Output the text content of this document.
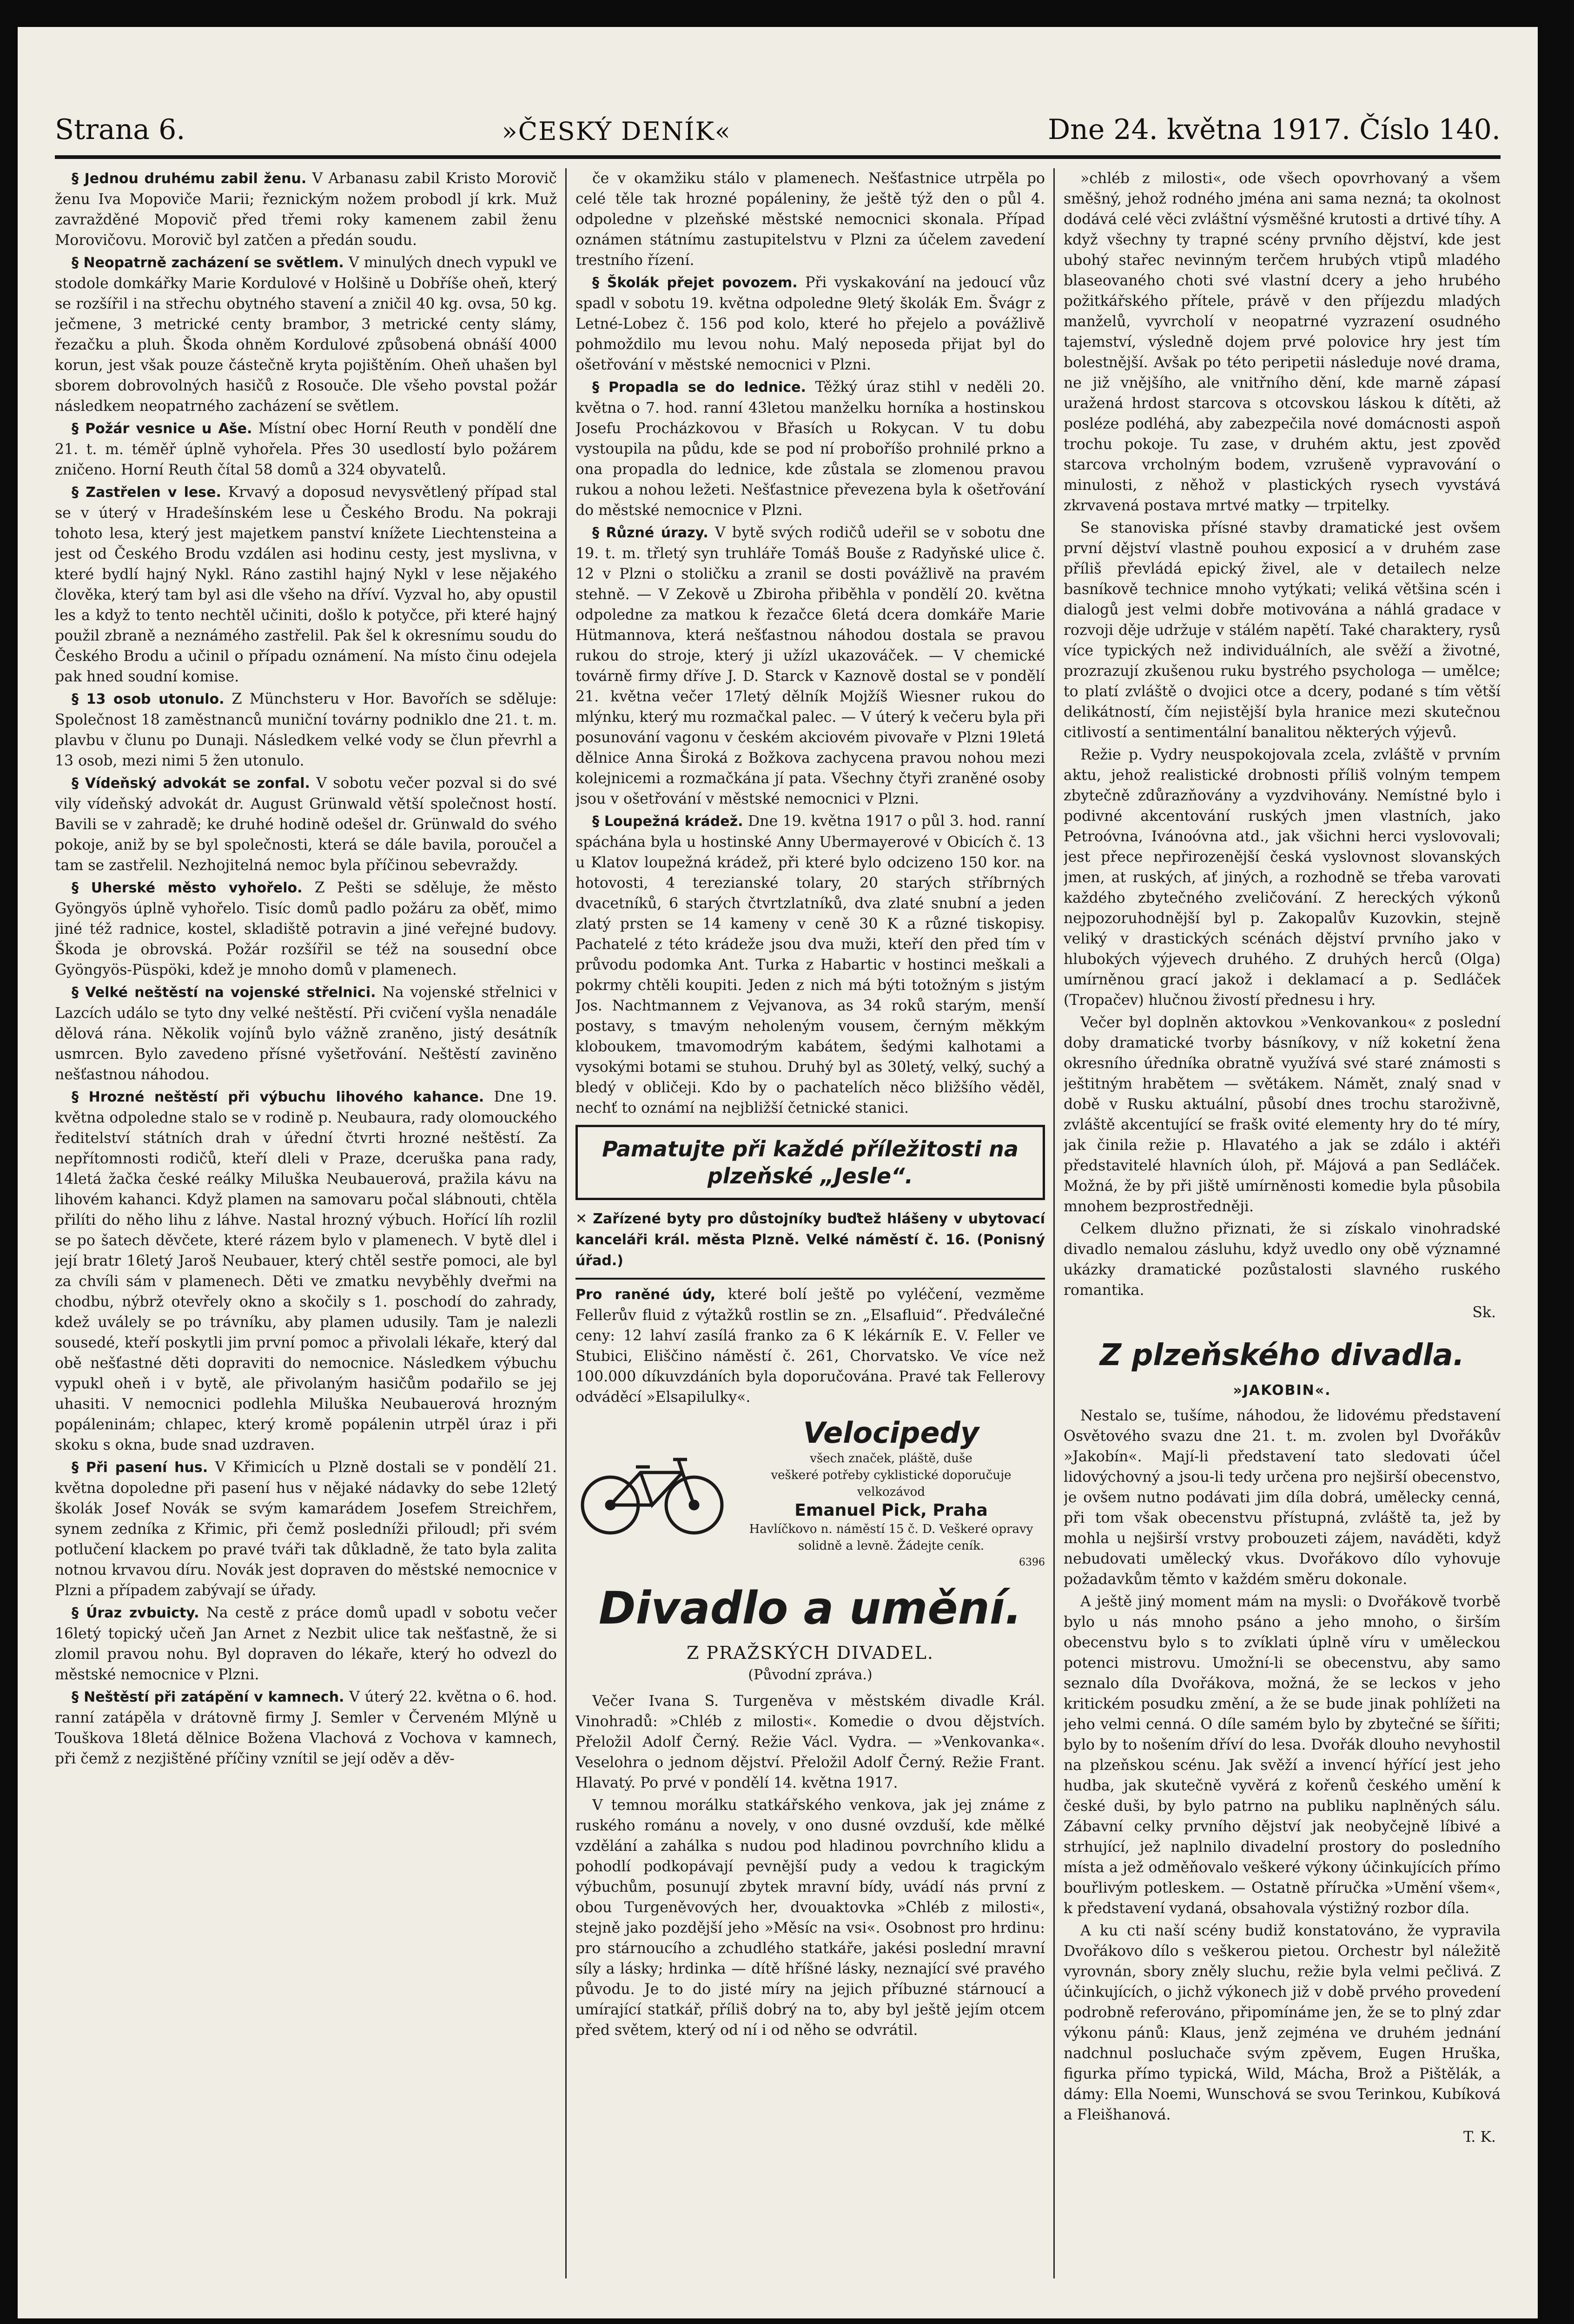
Strana 6.	»ČESKÝ DENÍK«	Dne 24. května 1917. Číslo 140.

§ Jednou druhému zabil ženu. V Arbanasu zabil Kristo Morovič ženu Iva Mopoviče Marii; řeznickým nožem probodl jí krk. Muž zavražděné Mopovič před třemi roky kamenem zabil ženu Morovičovu. Morovič byl zatčen a předán soudu.

§ Neopatrně zacházení se světlem. V minulých dnech vypukl ve stodole domkářky Marie Kordulové v Holšině u Dobříše oheň, který se rozšířil i na střechu obytného stavení a zničil 40 kg. ovsa, 50 kg. ječmene, 3 metrické centy brambor, 3 metrické centy slámy, řezačku a pluh. Škoda ohněm Kordulové způsobená obnáší 4000 korun, jest však pouze částečně kryta pojištěním. Oheň uhašen byl sborem dobrovolných hasičů z Rosouče. Dle všeho povstal požár následkem neopatrného zacházení se světlem.

§ Požár vesnice u Aše. Místní obec Horní Reuth v pondělí dne 21. t. m. téměř úplně vyhořela. Přes 30 usedlostí bylo požárem zničeno. Horní Reuth čítal 58 domů a 324 obyvatelů.

§ Zastřelen v lese. Krvavý a doposud nevysvětlený případ stal se v úterý v Hradešínském lese u Českého Brodu. Na pokraji tohoto lesa, který jest majetkem panství knížete Liechtensteina a jest od Českého Brodu vzdálen asi hodinu cesty, jest myslivna, v které bydlí hajný Nykl. Ráno zastihl hajný Nykl v lese nějakého člověka, který tam byl asi dle všeho na dříví. Vyzval ho, aby opustil les a když to tento nechtěl učiniti, došlo k potyčce, při které hajný použil zbraně a neznámého zastřelil. Pak šel k okresnímu soudu do Českého Brodu a učinil o případu oznámení. Na místo činu odejela pak hned soudní komise.

§ 13 osob utonulo. Z Münchsteru v Hor. Bavořích se sděluje: Společnost 18 zaměstnanců muniční továrny podniklo dne 21. t. m. plavbu v člunu po Dunaji. Následkem velké vody se člun převrhl a 13 osob, mezi nimi 5 žen utonulo.

§ Vídeňský advokát se zonfal. V sobotu večer pozval si do své vily vídeňský advokát dr. August Grünwald větší společnost hostí. Bavili se v zahradě; ke druhé hodině odešel dr. Grünwald do svého pokoje, aniž by se byl společnosti, která se dále bavila, poroučel a tam se zastřelil. Nezhojitelná nemoc byla příčinou sebevraždy.

§ Uherské město vyhořelo. Z Pešti se sděluje, že město Gyöngyös úplně vyhořelo. Tisíc domů padlo požáru za oběť, mimo jiné též radnice, kostel, skladiště potravin a jiné veřejné budovy. Škoda je obrovská. Požár rozšířil se též na sousední obce Gyöngyös-Püspöki, kdež je mnoho domů v plamenech.

§ Velké neštěstí na vojenské střelnici. Na vojenské střelnici v Lazcích událo se tyto dny velké neštěstí. Při cvičení vyšla nenadále dělová rána. Několik vojínů bylo vážně zraněno, jistý desátník usmrcen. Bylo zavedeno přísné vyšetřování. Neštěstí zaviněno nešťastnou náhodou.

§ Hrozné neštěstí při výbuchu lihového kahance. Dne 19. května odpoledne stalo se v rodině p. Neubaura, rady olomouckého ředitelství státních drah v úřední čtvrti hrozné neštěstí. Za nepřítomnosti rodičů, kteří dleli v Praze, dceruška pana rady, 14letá žačka české reálky Miluška Neubauerová, pražila kávu na lihovém kahanci. Když plamen na samovaru počal slábnouti, chtěla přilíti do něho lihu z láhve. Nastal hrozný výbuch. Hořící líh rozlil se po šatech děvčete, které rázem bylo v plamenech. V bytě dlel i její bratr 16letý Jaroš Neubauer, který chtěl sestře pomoci, ale byl za chvíli sám v plamenech. Děti ve zmatku nevyběhly dveřmi na chodbu, nýbrž otevřely okno a skočily s 1. poschodí do zahrady, kdež uválely se po trávníku, aby plamen udusily. Tam je nalezli sousedé, kteří poskytli jim první pomoc a přivolali lékaře, který dal obě nešťastné děti dopraviti do nemocnice. Následkem výbuchu vypukl oheň i v bytě, ale přivolaným hasičům podařilo se jej uhasiti. V nemocnici podlehla Miluška Neubauerová hrozným popáleninám; chlapec, který kromě popálenin utrpěl úraz i při skoku s okna, bude snad uzdraven.

§ Při pasení hus. V Křimicích u Plzně dostali se v pondělí 21. května dopoledne při pasení hus v nějaké nádavky do sebe 12letý školák Josef Novák se svým kamarádem Josefem Streichřem, synem zedníka z Křimic, při čemž posledníži přiloudl; při svém potlučení klackem po pravé tváři tak důkladně, že tato byla zalita notnou krvavou díru. Novák jest dopraven do městské nemocnice v Plzni a případem zabývají se úřady.

§ Úraz zvbuicty. Na cestě z práce domů upadl v sobotu večer 16letý topický učeň Jan Arnet z Nezbit ulice tak nešťastně, že si zlomil pravou nohu. Byl dopraven do lékaře, který ho odvezl do městské nemocnice v Plzni.

§ Neštěstí při zatápění v kamnech. V úterý 22. května o 6. hod. ranní zatápěla v drátovně firmy J. Semler v Červeném Mlýně u Touškova 18letá dělnice Božena Vlachová z Vochova v kamnech, při čemž z nezjištěné příčiny vznítil se její oděv a děv-

če v okamžiku stálo v plamenech. Nešťastnice utrpěla po celé těle tak hrozné popáleniny, že ještě týž den o půl 4. odpoledne v plzeňské městské nemocnici skonala. Případ oznámen státnímu zastupitelstvu v Plzni za účelem zavedení trestního řízení.

§ Školák přejet povozem. Při vyskakování na jedoucí vůz spadl v sobotu 19. května odpoledne 9letý školák Em. Švágr z Letné-Lobez č. 156 pod kolo, které ho přejelo a povážlivě pohmoždilo mu levou nohu. Malý neposeda přijat byl do ošetřování v městské nemocnici v Plzni.

§ Propadla se do lednice. Těžký úraz stihl v neděli 20. května o 7. hod. ranní 43letou manželku horníka a hostinskou Josefu Procházkovou v Břasích u Rokycan. V tu dobu vystoupila na půdu, kde se pod ní proboříšo prohnilé prkno a ona propadla do lednice, kde zůstala se zlomenou pravou rukou a nohou ležeti. Nešťastnice převezena byla k ošetřování do městské nemocnice v Plzni.

§ Různé úrazy. V bytě svých rodičů udeřil se v sobotu dne 19. t. m. třletý syn truhláře Tomáš Bouše z Radyňské ulice č. 12 v Plzni o stoličku a zranil se dosti povážlivě na pravém stehně. — V Zekově u Zbiroha přiběhla v pondělí 20. května odpoledne za matkou k řezačce 6letá dcera domkáře Marie Hütmannova, která nešťastnou náhodou dostala se pravou rukou do stroje, který ji užízl ukazováček. — V chemické továrně firmy dříve J. D. Starck v Kaznově dostal se v pondělí 21. května večer 17letý dělník Mojžíš Wiesner rukou do mlýnku, který mu rozmačkal palec. — V úterý k večeru byla při posunování vagonu v českém akciovém pivovaře v Plzni 19letá dělnice Anna Široká z Božkova zachycena pravou nohou mezi kolejnicemi a rozmačkána jí pata. Všechny čtyři zraněné osoby jsou v ošetřování v městské nemocnici v Plzni.

§ Loupežná krádež. Dne 19. května 1917 o půl 3. hod. ranní spáchána byla u hostinské Anny Ubermayerové v Obicích č. 13 u Klatov loupežná krádež, při které bylo odcizeno 150 kor. na hotovosti, 4 terezianské tolary, 20 starých stříbrných dvacetníků, 6 starých čtvrtzlatníků, dva zlaté snubní a jeden zlatý prsten se 14 kameny v ceně 30 K a různé tiskopisy. Pachatelé z této krádeže jsou dva muži, kteří den před tím v průvodu podomka Ant. Turka z Habartic v hostinci meškali a pokrmy chtěli koupiti. Jeden z nich má býti totožným s jistým Jos. Nachtmannem z Vejvanova, as 34 roků starým, menší postavy, s tmavým neholeným vousem, černým měkkým kloboukem, tmavomodrým kabátem, šedými kalhotami a vysokými botami se stuhou. Druhý byl as 30letý, velký, suchý a bledý v obličeji. Kdo by o pachatelích něco bližšího věděl, nechť to oznámí na nejbližší četnické stanici.

Pamatujte při každé příležitosti na plzeňské „Jesle“.
✕ Zařízené byty pro důstojníky buďtež hlášeny v ubytovací kanceláři král. města Plzně. Velké náměstí č. 16. (Ponisný úřad.)

Pro raněné údy, které bolí ještě po vyléčení, vezměme Fellerův fluid z výtažků rostlin se zn. „Elsafluid“. Předválečné ceny: 12 lahví zasílá franko za 6 K lékárník E. V. Feller ve Stubici, Eliščino náměstí č. 261, Chorvatsko. Ve více než 100.000 díkuvzdáních byla doporučována. Pravé tak Fellerovy odváděcí »Elsapilulky«.

Velocipedy
všech značek, pláště, duše
veškeré potřeby cyklistické doporučuje velkozávod
Emanuel Pick, Praha
Havlíčkovo n. náměstí 15 č. D. Veškeré opravy
solidně a levně. Žádejte ceník.
6396
Divadlo a umění.
Z PRAŽSKÝCH DIVADEL.
(Původní zpráva.)

Večer Ivana S. Turgeněva v městském divadle Král. Vinohradů: »Chléb z milosti«. Komedie o dvou dějstvích. Přeložil Adolf Černý. Režie Václ. Vydra. — »Venkovanka«. Veselohra o jednom dějství. Přeložil Adolf Černý. Režie Frant. Hlavatý. Po prvé v pondělí 14. května 1917.

V temnou morálku statkářského venkova, jak jej známe z ruského románu a novely, v ono dusné ovzduší, kde mělké vzdělání a zahálka s nudou pod hladinou povrchního klidu a pohodlí podkopávají pevnější pudy a vedou k tragickým výbuchům, posunují zbytek mravní bídy, uvádí nás první z obou Turgeněvových her, dvouaktovka »Chléb z milosti«, stejně jako pozdější jeho »Měsíc na vsi«. Osobnost pro hrdinu: pro stárnoucího a zchudlého statkáře, jakési poslední mravní síly a lásky; hrdinka — dítě hříšné lásky, neznající své pravého původu. Je to do jisté míry na jejich příbuzné stárnoucí a umírající statkář, příliš dobrý na to, aby byl ještě jejím otcem před světem, který od ní i od něho se odvrátil.

»chléb z milosti«, ode všech opovrhovaný a všem směšný, jehož rodného jména ani sama nezná; ta okolnost dodává celé věci zvláštní výsměšné krutosti a drtivé tíhy. A když všechny ty trapné scény prvního dějství, kde jest ubohý stařec nevinným terčem hrubých vtipů mladého blaseovaného choti své vlastní dcery a jeho hrubého požitkářského přítele, právě v den příjezdu mladých manželů, vyvrcholí v neopatrné vyzrazení osudného tajemství, výsledně dojem prvé polovice hry jest tím bolestnější. Avšak po této peripetii následuje nové drama, ne již vnějšího, ale vnitřního dění, kde marně zápasí uražená hrdost starcova s otcovskou láskou k dítěti, až posléze podléhá, aby zabezpečila nové domácnosti aspoň trochu pokoje. Tu zase, v druhém aktu, jest zpověď starcova vrcholným bodem, vzrušeně vypravování o minulosti, z něhož v plastických rysech vyvstává zkrvavená postava mrtvé matky — trpitelky.

Se stanoviska přísné stavby dramatické jest ovšem první dějství vlastně pouhou exposicí a v druhém zase příliš převládá epický živel, ale v detailech nelze basníkově technice mnoho vytýkati; veliká většina scén i dialogů jest velmi dobře motivována a náhlá gradace v rozvoji děje udržuje v stálém napětí. Také charaktery, rysů více typických než individuálních, ale svěží a životné, prozrazují zkušenou ruku bystrého psychologa — umělce; to platí zvláště o dvojici otce a dcery, podané s tím větší delikátností, čím nejistější byla hranice mezi skutečnou citlivostí a sentimentální banalitou některých výjevů.

Režie p. Vydry neuspokojovala zcela, zvláště v prvním aktu, jehož realistické drobnosti příliš volným tempem zbytečně zdůrazňovány a vyzdvihovány. Nemístné bylo i podivné akcentování ruských jmen vlastních, jako Petroóvna, Ivánoóvna atd., jak všichni herci vyslovovali; jest přece nepřirozenější česká vyslovnost slovanských jmen, at ruských, ať jiných, a rozhodně se třeba varovati každého zbytečného zveličování. Z hereckých výkonů nejpozoruhodnější byl p. Zakopalův Kuzovkin, stejně veliký v drastických scénách dějství prvního jako v hlubokých výjevech druhého. Z druhých herců (Olga) umírněnou grací jakož i deklamací a p. Sedláček (Tropačev) hlučnou živostí přednesu i hry.

Večer byl doplněn aktovkou »Venkovankou« z poslední doby dramatické tvorby básníkovy, v níž koketní žena okresního úředníka obratně využívá své staré známosti s ještitným hrabětem — světákem. Námět, znalý snad v době v Rusku aktuální, působí dnes trochu staroživně, zvláště akcentující se frašk ovité elementy hry do té míry, jak činila režie p. Hlavatého a jak se zdálo i aktéři představitelé hlavních úloh, př. Májová a pan Sedláček. Možná, že by při jiště umírněnosti komedie byla působila mnohem bezprostředněji.

Celkem dlužno přiznati, že si získalo vinohradské divadlo nemalou zásluhu, když uvedlo ony obě významné ukázky dramatické pozůstalosti slavného ruského romantika.

Sk.

Z plzeňského divadla.
»JAKOBIN«.

Nestalo se, tušíme, náhodou, že lidovému představení Osvětového svazu dne 21. t. m. zvolen byl Dvořákův »Jakobín«. Mají-li představení tato sledovati účel lidovýchovný a jsou-li tedy určena pro nejširší obecenstvo, je ovšem nutno podávati jim díla dobrá, umělecky cenná, při tom však obecenstvu přístupná, zvláště ta, jež by mohla u nejširší vrstvy probouzeti zájem, naváděti, když nebudovati umělecký vkus. Dvořákovo dílo vyhovuje požadavkům těmto v každém směru dokonale.

A ještě jiný moment mám na mysli: o Dvořákově tvorbě bylo u nás mnoho psáno a jeho mnoho, o širším obecenstvu bylo s to zvíklati úplně víru v uměleckou potenci mistrovu. Umožní-li se obecenstvu, aby samo seznalo díla Dvořákova, možná, že se leckos v jeho kritickém posudku změní, a že se bude jinak pohlížeti na jeho velmi cenná. O díle samém bylo by zbytečné se šířiti; bylo by to nošením dříví do lesa. Dvořák dlouho nevyhostil na plzeňskou scénu. Jak svěží a invencí hýřící jest jeho hudba, jak skutečně vyvěrá z kořenů českého umění k české duši, by bylo patrno na publiku naplněných sálu. Zábavní celky prvního dějství jak neobyčejně líbivé a strhující, jež naplnilo divadelní prostory do posledního místa a jež odměňovalo veškeré výkony účinkujících přímo bouřlivým potleskem. — Ostatně příručka »Umění všem«, k představení vydaná, obsahovala výstižný rozbor díla.

A ku cti naší scény budiž konstatováno, že vypravila Dvořákovo dílo s veškerou pietou. Orchestr byl náležitě vyrovnán, sbory zněly sluchu, režie byla velmi pečlivá. Z účinkujících, o jichž výkonech již v době prvého provedení podrobně referováno, připomínáme jen, že se to plný zdar výkonu pánů: Klaus, jenž zejména ve druhém jednání nadchnul posluchače svým zpěvem, Eugen Hruška, figurka přímo typická, Wild, Mácha, Brož a Pištělák, a dámy: Ella Noemi, Wunschová se svou Terinkou, Kubíková a Fleišhanová.

T. K.
